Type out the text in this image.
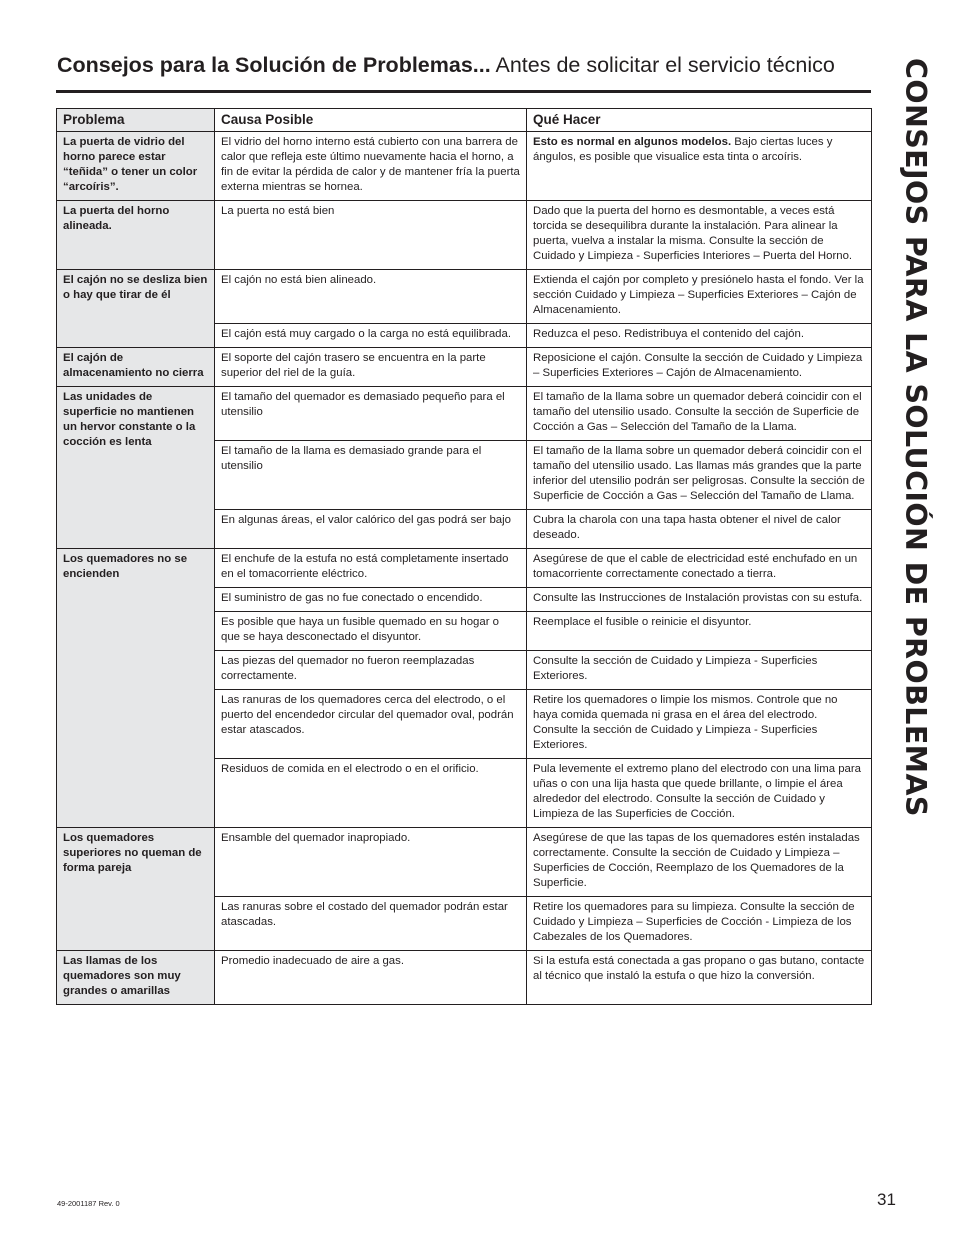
Consejos para la Solución de Problemas... Antes de solicitar el servicio técnico	CONSEJOS PARA LA SOLUCIÓN DE PROBLEMAS
Problema	Causa Posible	Qué Hacer
La puerta de vidrio del horno parece estar “teñida” o tener un color “arcoíris”.	El vidrio del horno interno está cubierto con una barrera de calor que refleja este último nuevamente hacia el horno, a fin de evitar la pérdida de calor y de mantener fría la puerta externa mientras se hornea.	Esto es normal en algunos modelos. Bajo ciertas luces y ángulos, es posible que visualice esta tinta o arcoíris.
La puerta del horno alineada.	La puerta no está bien	Dado que la puerta del horno es desmontable, a veces está torcida se desequilibra durante la instalación. Para alinear la puerta, vuelva a instalar la misma. Consulte la sección de Cuidado y Limpieza - Superficies Interiores – Puerta del Horno.
El cajón no se desliza bien o hay que tirar de él	El cajón no está bien alineado.	Extienda el cajón por completo y presiónelo hasta el fondo. Ver la sección Cuidado y Limpieza – Superficies Exteriores – Cajón de Almacenamiento.
	El cajón está muy cargado o la carga no está equilibrada.	Reduzca el peso. Redistribuya el contenido del cajón.
El cajón de almacenamiento no cierra	El soporte del cajón trasero se encuentra en la parte superior del riel de la guía.	Reposicione el cajón. Consulte la sección de Cuidado y Limpieza – Superficies Exteriores – Cajón de Almacenamiento.
Las unidades de superficie no mantienen un hervor constante o la cocción es lenta	El tamaño del quemador es demasiado pequeño para el utensilio	El tamaño de la llama sobre un quemador deberá coincidir con el tamaño del utensilio usado. Consulte la sección de Superficie de Cocción a Gas – Selección del Tamaño de la Llama.
	El tamaño de la llama es demasiado grande para el utensilio	El tamaño de la llama sobre un quemador deberá coincidir con el tamaño del utensilio usado. Las llamas más grandes que la parte inferior del utensilio podrán ser peligrosas. Consulte la sección de Superficie de Cocción a Gas – Selección del Tamaño de Llama.
	En algunas áreas, el valor calórico del gas podrá ser bajo	Cubra la charola con una tapa hasta obtener el nivel de calor deseado.
Los quemadores no se encienden	El enchufe de la estufa no está completamente insertado en el tomacorriente eléctrico.	Asegúrese de que el cable de electricidad esté enchufado en un tomacorriente correctamente conectado a tierra.
	El suministro de gas no fue conectado o encendido.	Consulte las Instrucciones de Instalación provistas con su estufa.
	Es posible que haya un fusible quemado en su hogar o que se haya desconectado el disyuntor.	Reemplace el fusible o reinicie el disyuntor.
	Las piezas del quemador no fueron reemplazadas correctamente.	Consulte la sección de Cuidado y Limpieza - Superficies Exteriores.
	Las ranuras de los quemadores cerca del electrodo, o el puerto del encendedor circular del quemador oval, podrán estar atascados.	Retire los quemadores o limpie los mismos. Controle que no haya comida quemada ni grasa en el área del electrodo. Consulte la sección de Cuidado y Limpieza - Superficies Exteriores.
	Residuos de comida en el electrodo o en el orificio.	Pula levemente el extremo plano del electrodo con una lima para uñas o con una lija hasta que quede brillante, o limpie el área alrededor del electrodo. Consulte la sección de Cuidado y Limpieza de las Superficies de Cocción.
Los quemadores superiores no queman de forma pareja	Ensamble del quemador inapropiado.	Asegúrese de que las tapas de los quemadores estén instaladas correctamente. Consulte la sección de Cuidado y Limpieza – Superficies de Cocción, Reemplazo de los Quemadores de la Superficie.
	Las ranuras sobre el costado del quemador podrán estar atascadas.	Retire los quemadores para su limpieza. Consulte la sección de Cuidado y Limpieza – Superficies de Cocción - Limpieza de los Cabezales de los Quemadores.
Las llamas de los quemadores son muy grandes o amarillas	Promedio inadecuado de aire a gas.	Si la estufa está conectada a gas propano o gas butano, contacte al técnico que instaló la estufa o que hizo la conversión.
49-2001187 Rev. 0	31
